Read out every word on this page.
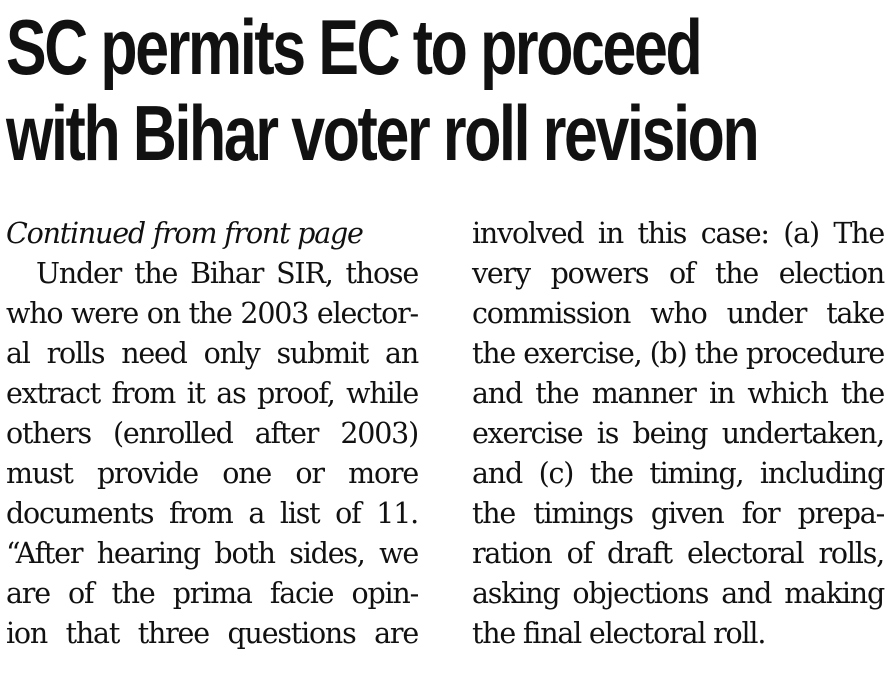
SC permits EC to proceed
with Bihar voter roll revision
Continued from front page
Under the Bihar SIR, those
who were on the 2003 elector-
al rolls need only submit an
extract from it as proof, while
others (enrolled after 2003)
must provide one or more
documents from a list of 11.
“After hearing both sides, we
are of the prima facie opin-
ion that three questions are
involved in this case: (a) The
very powers of the election
commission who under take
the exercise, (b) the procedure
and the manner in which the
exercise is being undertaken,
and (c) the timing, including
the timings given for prepa-
ration of draft electoral rolls,
asking objections and making
the final electoral roll.
